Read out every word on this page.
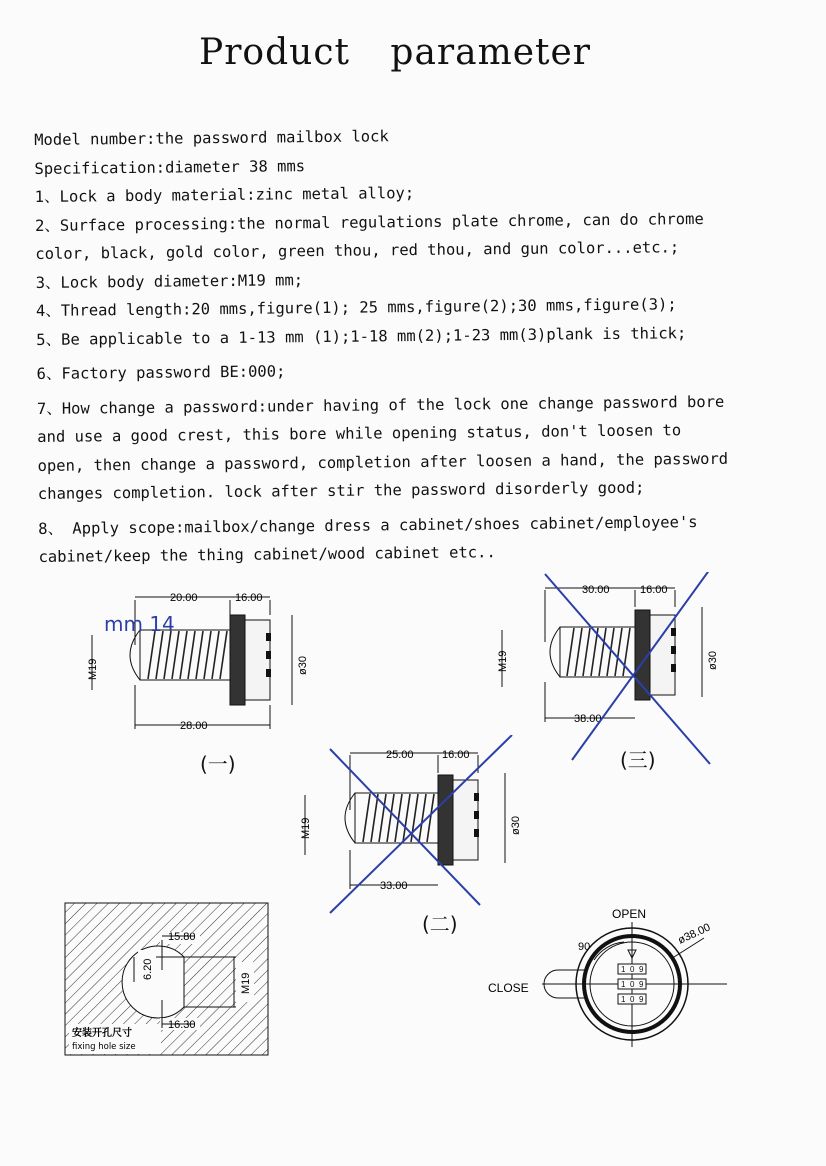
Product parameter

Model number:the password mailbox lock

Specification:diameter 38 mms

1、Lock a body material:zinc metal alloy;

2、Surface processing:the normal regulations plate chrome, can do chrome

color, black, gold color, green thou, red thou, and gun color...etc.;

3、Lock body diameter:M19 mm;

4、Thread length:20 mms,figure(1); 25 mms,figure(2);30 mms,figure(3);

5、Be applicable to a 1-13 mm (1);1-18 mm(2);1-23 mm(3)plank is thick;

6、Factory password BE:000;

7、How change a password:under having of the lock one change password bore

and use a good crest, this bore while opening status, don't loosen to

open, then change a password, completion after loosen a hand, the password

changes completion. lock after stir the password disorderly good;

8、 Apply scope:mailbox/change dress a cabinet/shoes cabinet/employee's

cabinet/keep the thing cabinet/wood cabinet etc..

20.00	16.00
28.00
M19	ø30
mm 14
(一)
30.00	16.00
38.00
M19	ø30
(三)
25.00	16.00
33.00
M19	ø30
(二)
15.80
16.30
6.20
M19
安装开孔尺寸
fixing hole size
1 0 9
1 0 9
1 0 9
OPEN
CLOSE
90
ø38.00
